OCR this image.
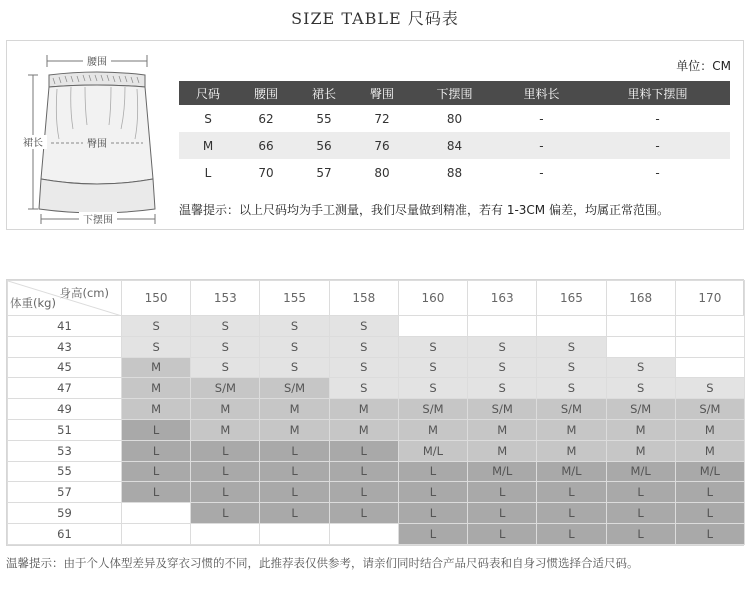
SIZE TABLE 尺码表
腰围
裙长	臀围
下摆围
单位：CM
尺码	腰围	裙长	臀围	下摆围	里料长	里料下摆围
S	62	55	72	80	-	-
M	66	56	76	84	-	-
L	70	57	80	88	-	-
温馨提示：以上尺码均为手工测量，我们尽量做到精准，若有 1-3CM 偏差，均属正常范围。
身高(cm)
体重(kg)	150	153	155	158	160	163	165	168	170
41	S	S	S	S					
43	S	S	S	S	S	S	S		
45	M	S	S	S	S	S	S	S	
47	M	S/M	S/M	S	S	S	S	S	S
49	M	M	M	M	S/M	S/M	S/M	S/M	S/M
51	L	M	M	M	M	M	M	M	M
53	L	L	L	L	M/L	M	M	M	M
55	L	L	L	L	L	M/L	M/L	M/L	M/L
57	L	L	L	L	L	L	L	L	L
59		L	L	L	L	L	L	L	L
61					L	L	L	L	L
温馨提示：由于个人体型差异及穿衣习惯的不同，此推荐表仅供参考，请亲们同时结合产品尺码表和自身习惯选择合适尺码。
